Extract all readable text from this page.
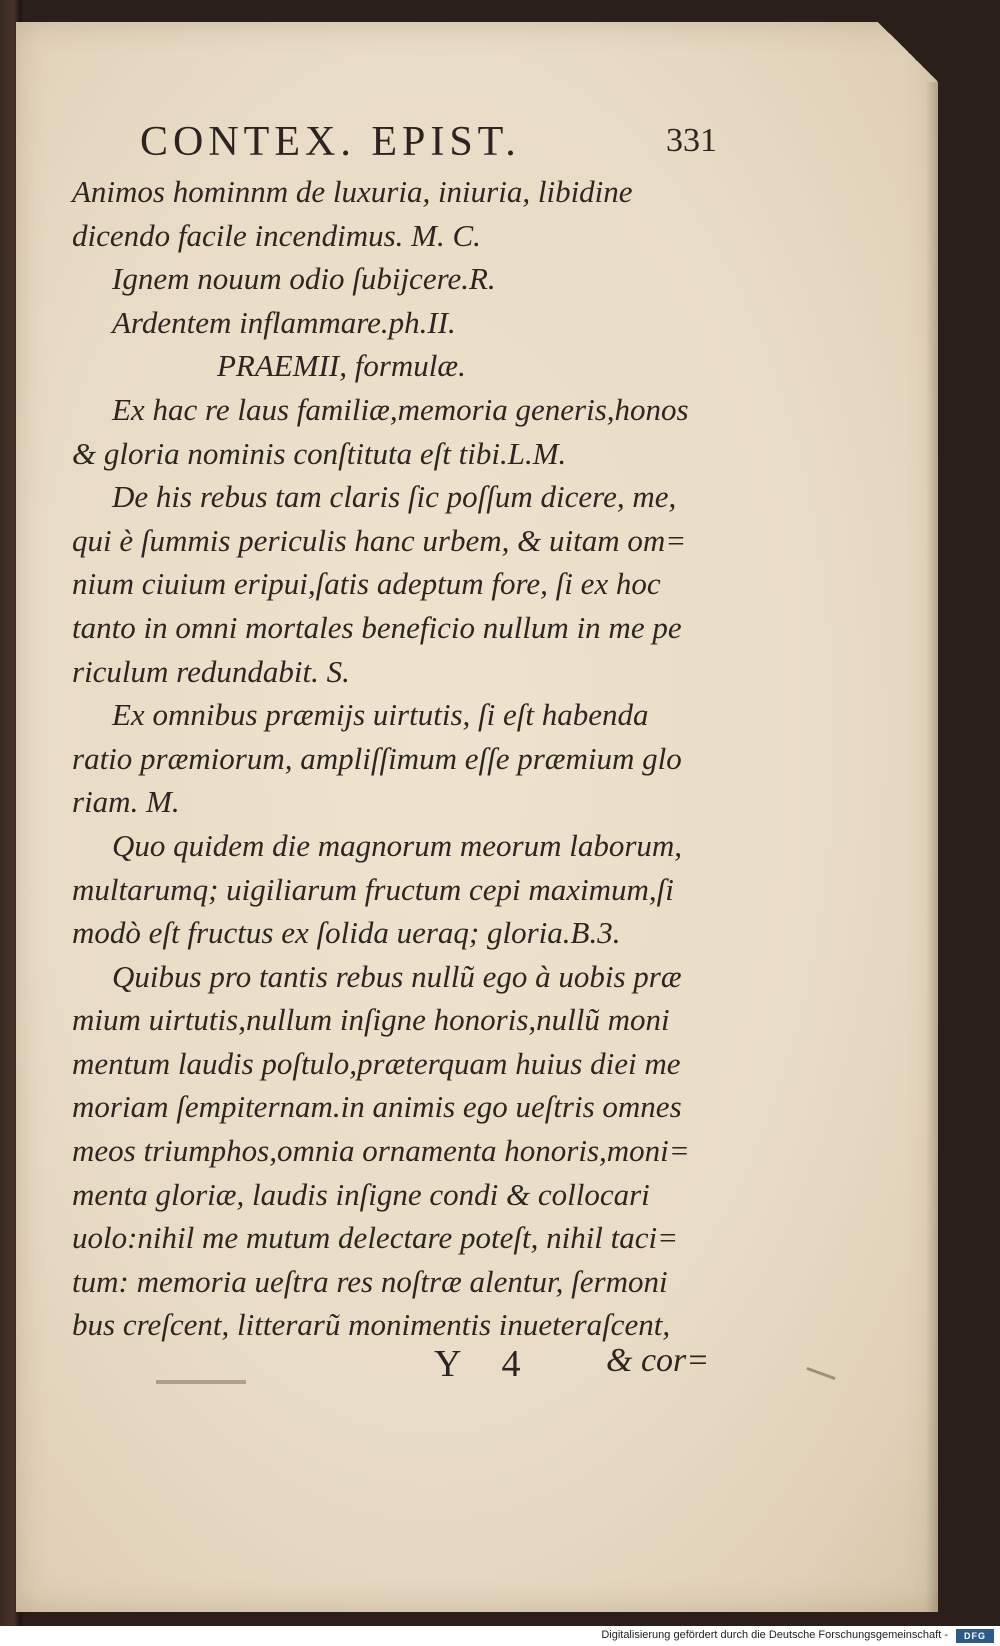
CONTEX. EPIST.	331
Animos hominnm de luxuria, iniuria, libidine
dicendo facile incendimus. M. C.
Ignem nouum odio ſubijcere.R.
Ardentem inflammare.ph.II.
PRAEMII, formulæ.
Ex hac re laus familiæ,memoria generis,honos
& gloria nominis conſtituta eſt tibi.L.M.
De his rebus tam claris ſic poſſum dicere, me,
qui è ſummis periculis hanc urbem, & uitam om=
nium ciuium eripui,ſatis adeptum fore, ſi ex hoc
tanto in omni mortales beneficio nullum in me pe
riculum redundabit. S.
Ex omnibus præmijs uirtutis, ſi eſt habenda
ratio præmiorum, ampliſſimum eſſe præmium glo
riam. M.
Quo quidem die magnorum meorum laborum,
multarumq; uigiliarum fructum cepi maximum,ſi
modò eſt fructus ex ſolida ueraq; gloria.B.3.
Quibus pro tantis rebus nullũ ego à uobis præ
mium uirtutis,nullum inſigne honoris,nullũ moni
mentum laudis poſtulo,præterquam huius diei me
moriam ſempiternam.in animis ego ueſtris omnes
meos triumphos,omnia ornamenta honoris,moni=
menta gloriæ, laudis inſigne condi & collocari
uolo:nihil me mutum delectare poteſt, nihil taci=
tum: memoria ueſtra res noſtræ alentur, ſermoni
bus creſcent, litterarũ monimentis inueteraſcent,
Y 4 & cor=
Digitalisierung gefördert durch die Deutsche Forschungsgemeinschaft -	DFG
